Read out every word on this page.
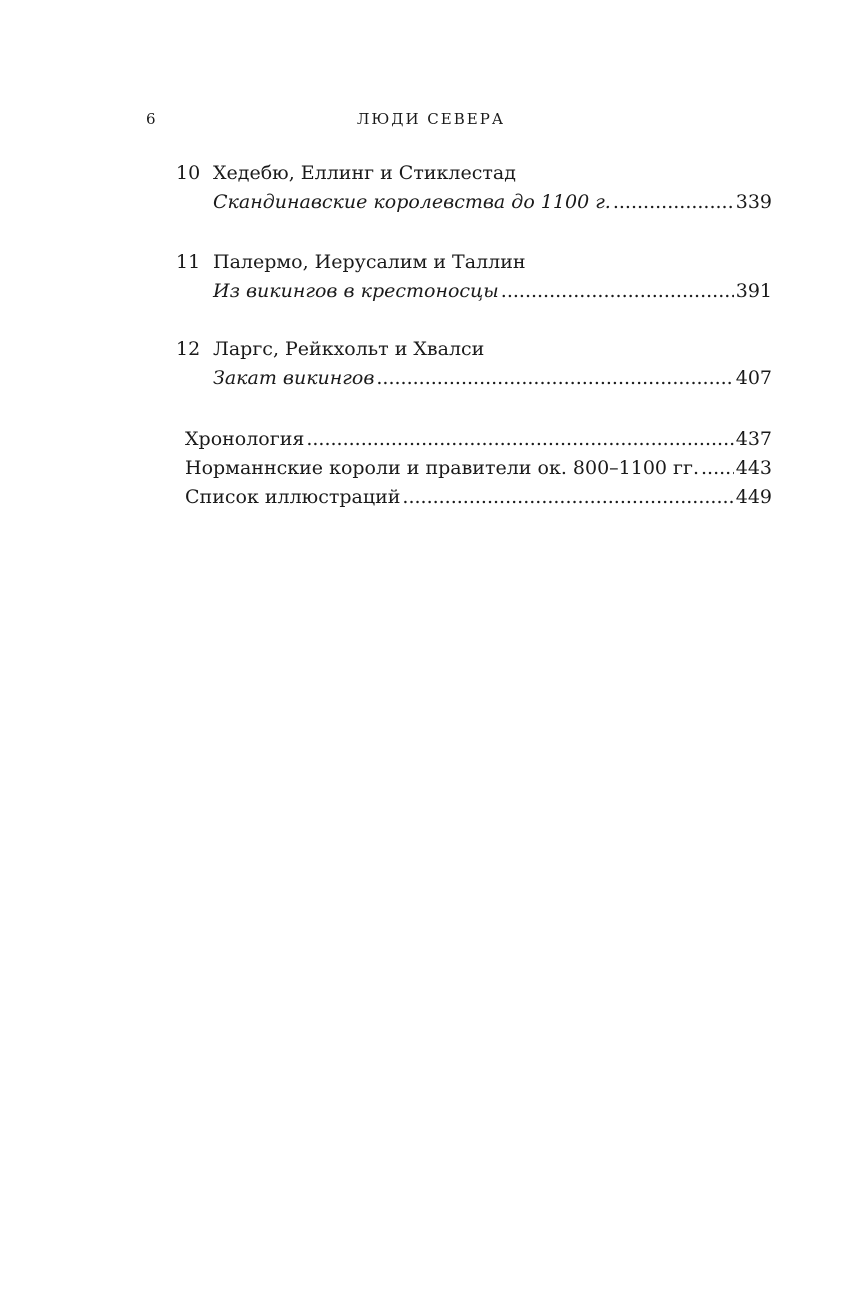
6	ЛЮДИ СЕВЕРА
10 Хедебю, Еллинг и Стиклестад
Скандинавские королевства до 1100 г. .....	339
11 Палермо, Иерусалим и Таллин
Из викингов в крестоносцы .....	391
12 Ларгс, Рейкхольт и Хвалси
Закат викингов .....	407
Хронология .....	437
Норманнские короли и правители ок. 800–1100 гг. ..... 443
Список иллюстраций .....	449
